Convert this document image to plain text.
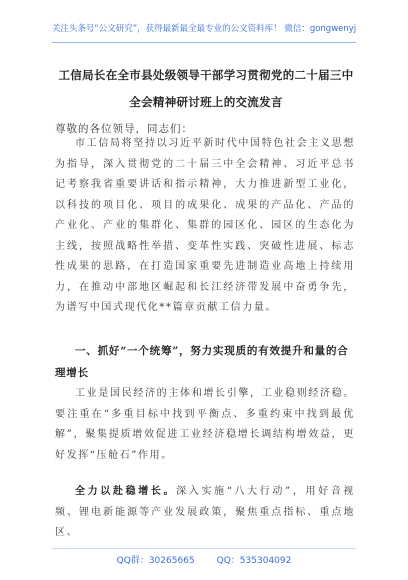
关注头条号“公文研究”，获得最新最全最专业的公文资料库！ 微信：gongwenyj
工信局长在全市县处级领导干部学习贯彻党的二十届三中
全会精神研讨班上的交流发言
尊敬的各位领导，同志们：

市工信局将坚持以习近平新时代中国特色社会主义思想为指导，深入贯彻党的二十届三中全会精神、习近平总书记考察我省重要讲话和指示精神，大力推进新型工业化，以科技的项目化、项目的成果化、成果的产品化、产品的产业化、产业的集群化、集群的园区化、园区的生态化为主线，按照战略性举措、变革性实践、突破性进展、标志性成果的思路，在打造国家重要先进制造业高地上持续用力，在推动中部地区崛起和长江经济带发展中奋勇争先，为谱写中国式现代化**篇章贡献工信力量。

一、抓好“一个统筹”，努力实现质的有效提升和量的合理增长

工业是国民经济的主体和增长引擎，工业稳则经济稳。要注重在“多重目标中找到平衡点、多重约束中找到最优解”，聚集提质增效促进工业经济稳增长调结构增效益，更好发挥“压舱石”作用。

全力以赴稳增长。深入实施“八大行动”，用好音视频、锂电新能源等产业发展政策，聚焦重点指标、重点地区、

QQ群：30265665 QQ：535304092
